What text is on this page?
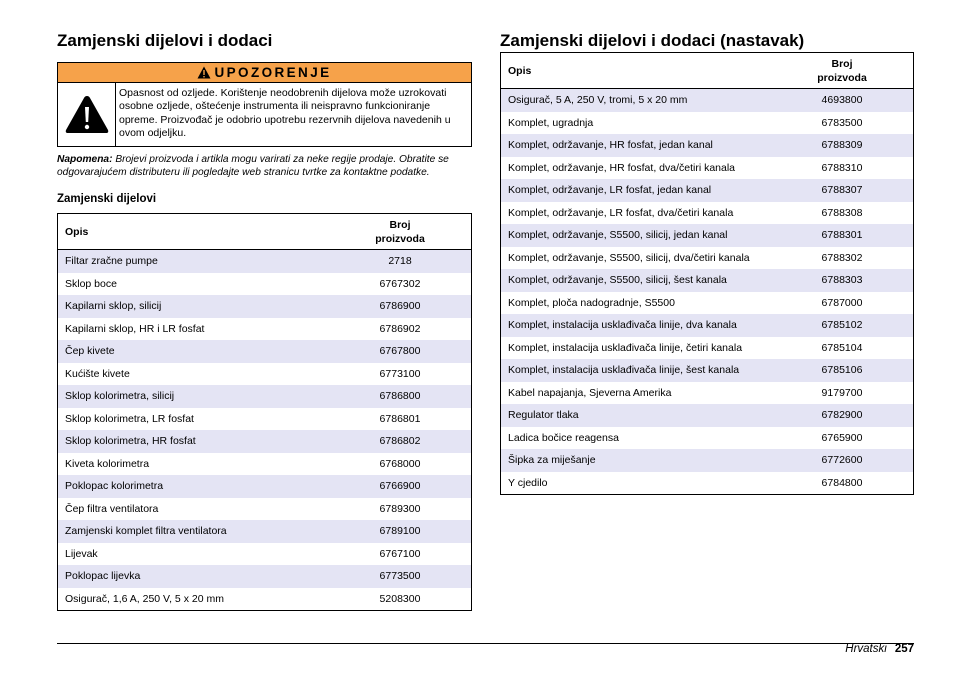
Zamjenski dijelovi i dodaci
UPOZORENJE
Opasnost od ozljede. Korištenje neodobrenih dijelova može uzrokovati osobne ozljede, oštećenje instrumenta ili neispravno funkcioniranje opreme. Proizvođač je odobrio upotrebu rezervnih dijelova navedenih u ovom odjeljku.
Napomena: Brojevi proizvoda i artikla mogu varirati za neke regije prodaje. Obratite se odgovarajućem distributeru ili pogledajte web stranicu tvrtke za kontaktne podatke.
Zamjenski dijelovi
Opis	Broj
proizvoda
Filtar zračne pumpe	2718
Sklop boce	6767302
Kapilarni sklop, silicij	6786900
Kapilarni sklop, HR i LR fosfat	6786902
Čep kivete	6767800
Kućište kivete	6773100
Sklop kolorimetra, silicij	6786800
Sklop kolorimetra, LR fosfat	6786801
Sklop kolorimetra, HR fosfat	6786802
Kiveta kolorimetra	6768000
Poklopac kolorimetra	6766900
Čep filtra ventilatora	6789300
Zamjenski komplet filtra ventilatora	6789100
Lijevak	6767100
Poklopac lijevka	6773500
Osigurač, 1,6 A, 250 V, 5 x 20 mm	5208300
Zamjenski dijelovi i dodaci (nastavak)
Opis	Broj
proizvoda
Osigurač, 5 A, 250 V, tromi, 5 x 20 mm	4693800
Komplet, ugradnja	6783500
Komplet, održavanje, HR fosfat, jedan kanal	6788309
Komplet, održavanje, HR fosfat, dva/četiri kanala	6788310
Komplet, održavanje, LR fosfat, jedan kanal	6788307
Komplet, održavanje, LR fosfat, dva/četiri kanala	6788308
Komplet, održavanje, S5500, silicij, jedan kanal	6788301
Komplet, održavanje, S5500, silicij, dva/četiri kanala	6788302
Komplet, održavanje, S5500, silicij, šest kanala	6788303
Komplet, ploča nadogradnje, S5500	6787000
Komplet, instalacija usklađivača linije, dva kanala	6785102
Komplet, instalacija usklađivača linije, četiri kanala	6785104
Komplet, instalacija usklađivača linije, šest kanala	6785106
Kabel napajanja, Sjeverna Amerika	9179700
Regulator tlaka	6782900
Ladica bočice reagensa	6765900
Šipka za miješanje	6772600
Y cjedilo	6784800
Hrvatski 257
